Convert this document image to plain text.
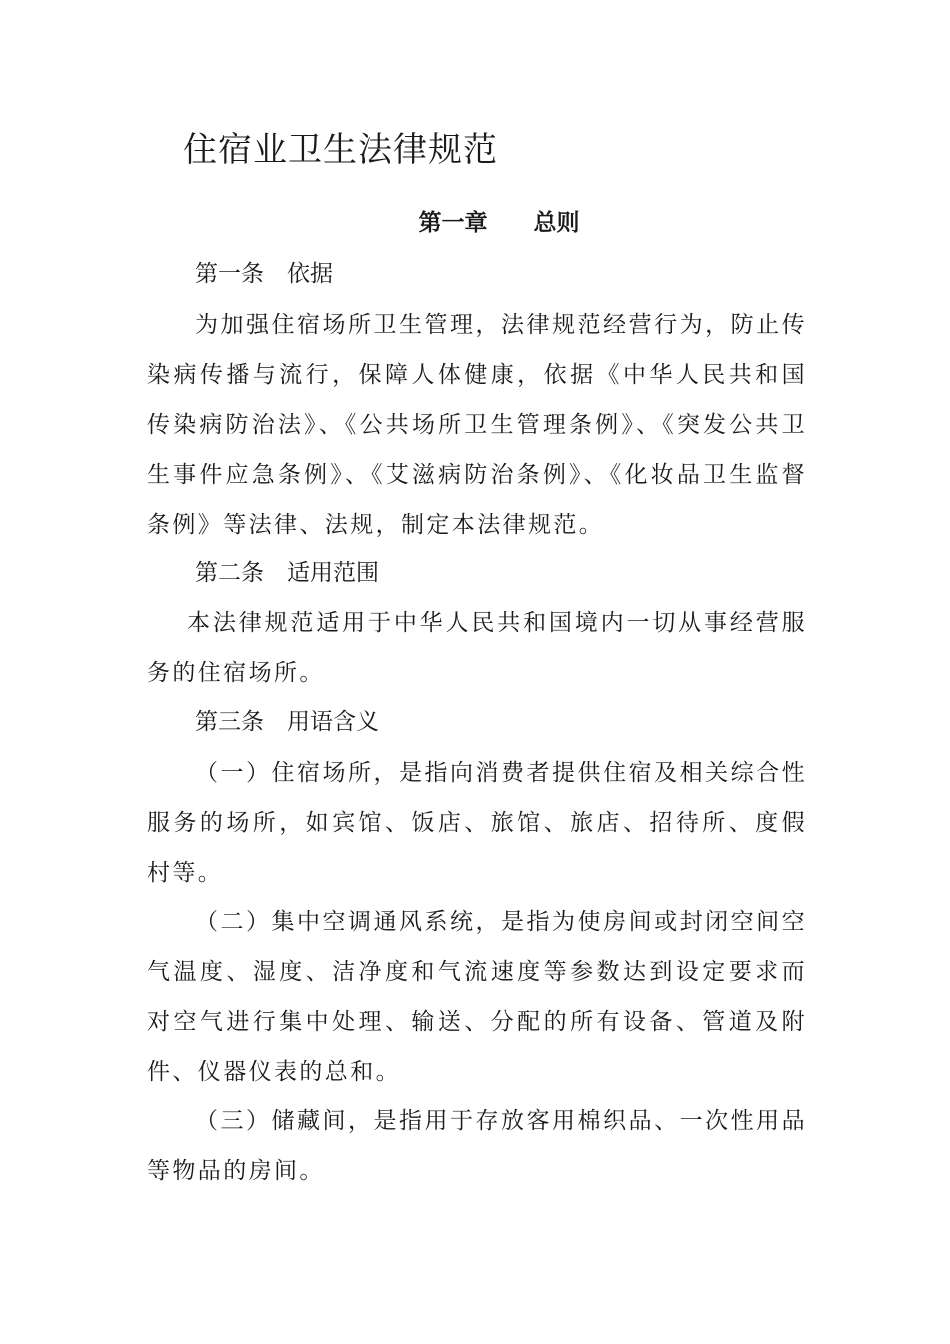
住宿业卫生法律规范
第一章　　总则
第一条　依据
为加强住宿场所卫生管理，法律规范经营行为，防止传染病传播与流行，保障人体健康，依据《中华人民共和国传染病防治法》、《公共场所卫生管理条例》、《突发公共卫生事件应急条例》、《艾滋病防治条例》、《化妆品卫生监督条例》等法律、法规，制定本法律规范。
第二条　适用范围
本法律规范适用于中华人民共和国境内一切从事经营服务的住宿场所。
第三条　用语含义
（一）住宿场所，是指向消费者提供住宿及相关综合性服务的场所，如宾馆、饭店、旅馆、旅店、招待所、度假村等。
（二）集中空调通风系统，是指为使房间或封闭空间空气温度、湿度、洁净度和气流速度等参数达到设定要求而对空气进行集中处理、输送、分配的所有设备、管道及附件、仪器仪表的总和。
（三）储藏间，是指用于存放客用棉织品、一次性用品等物品的房间。
